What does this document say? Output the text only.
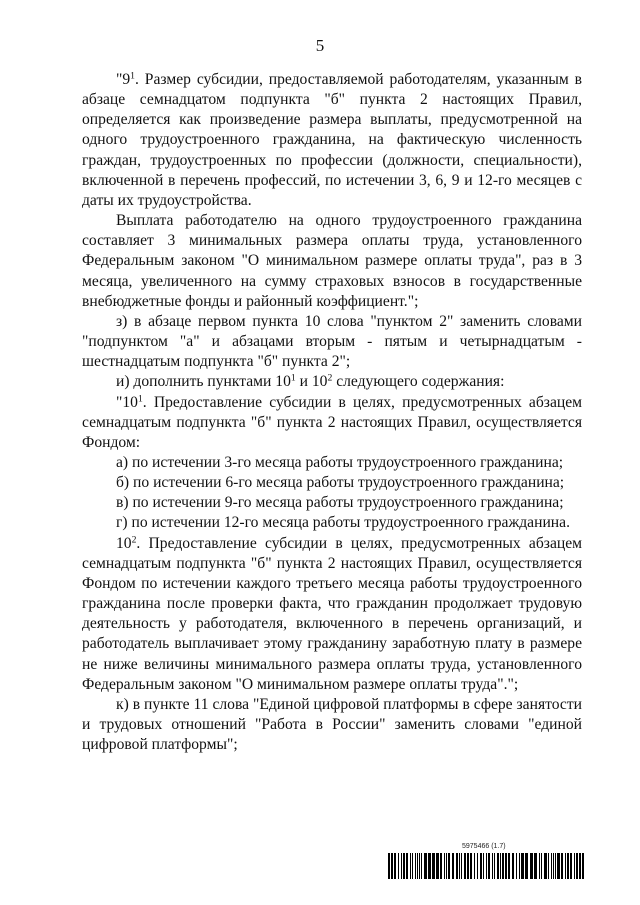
5

"$9^1$. Размер субсидии, предоставляемой работодателям, указанным в абзаце семнадцатом подпункта "б" пункта 2 настоящих Правил, определяется как произведение размера выплаты, предусмотренной на одного трудоустроенного гражданина, на фактическую численность граждан, трудоустроенных по профессии (должности, специальности), включенной в перечень профессий, по истечении 3, 6, 9 и 12-го месяцев с даты их трудоустройства.

Выплата работодателю на одного трудоустроенного гражданина составляет 3 минимальных размера оплаты труда, установленного Федеральным законом "О минимальном размере оплаты труда", раз в 3 месяца, увеличенного на сумму страховых взносов в государственные внебюджетные фонды и районный коэффициент.";

з) в абзаце первом пункта 10 слова "пунктом 2" заменить словами "подпунктом "а" и абзацами вторым - пятым и четырнадцатым - шестнадцатым подпункта "б" пункта 2";

и) дополнить пунктами $10^1$ и $10^2$ следующего содержания:

"$10^1$. Предоставление субсидии в целях, предусмотренных абзацем семнадцатым подпункта "б" пункта 2 настоящих Правил, осуществляется Фондом:

а) по истечении 3-го месяца работы трудоустроенного гражданина;

б) по истечении 6-го месяца работы трудоустроенного гражданина;

в) по истечении 9-го месяца работы трудоустроенного гражданина;

г) по истечении 12-го месяца работы трудоустроенного гражданина.

$10^2$. Предоставление субсидии в целях, предусмотренных абзацем семнадцатым подпункта "б" пункта 2 настоящих Правил, осуществляется Фондом по истечении каждого третьего месяца работы трудоустроенного гражданина после проверки факта, что гражданин продолжает трудовую деятельность у работодателя, включенного в перечень организаций, и работодатель выплачивает этому гражданину заработную плату в размере не ниже величины минимального размера оплаты труда, установленного Федеральным законом "О минимальном размере оплаты труда".";

к) в пункте 11 слова "Единой цифровой платформы в сфере занятости и трудовых отношений "Работа в России" заменить словами "единой цифровой платформы";

5975466 (1.7)
